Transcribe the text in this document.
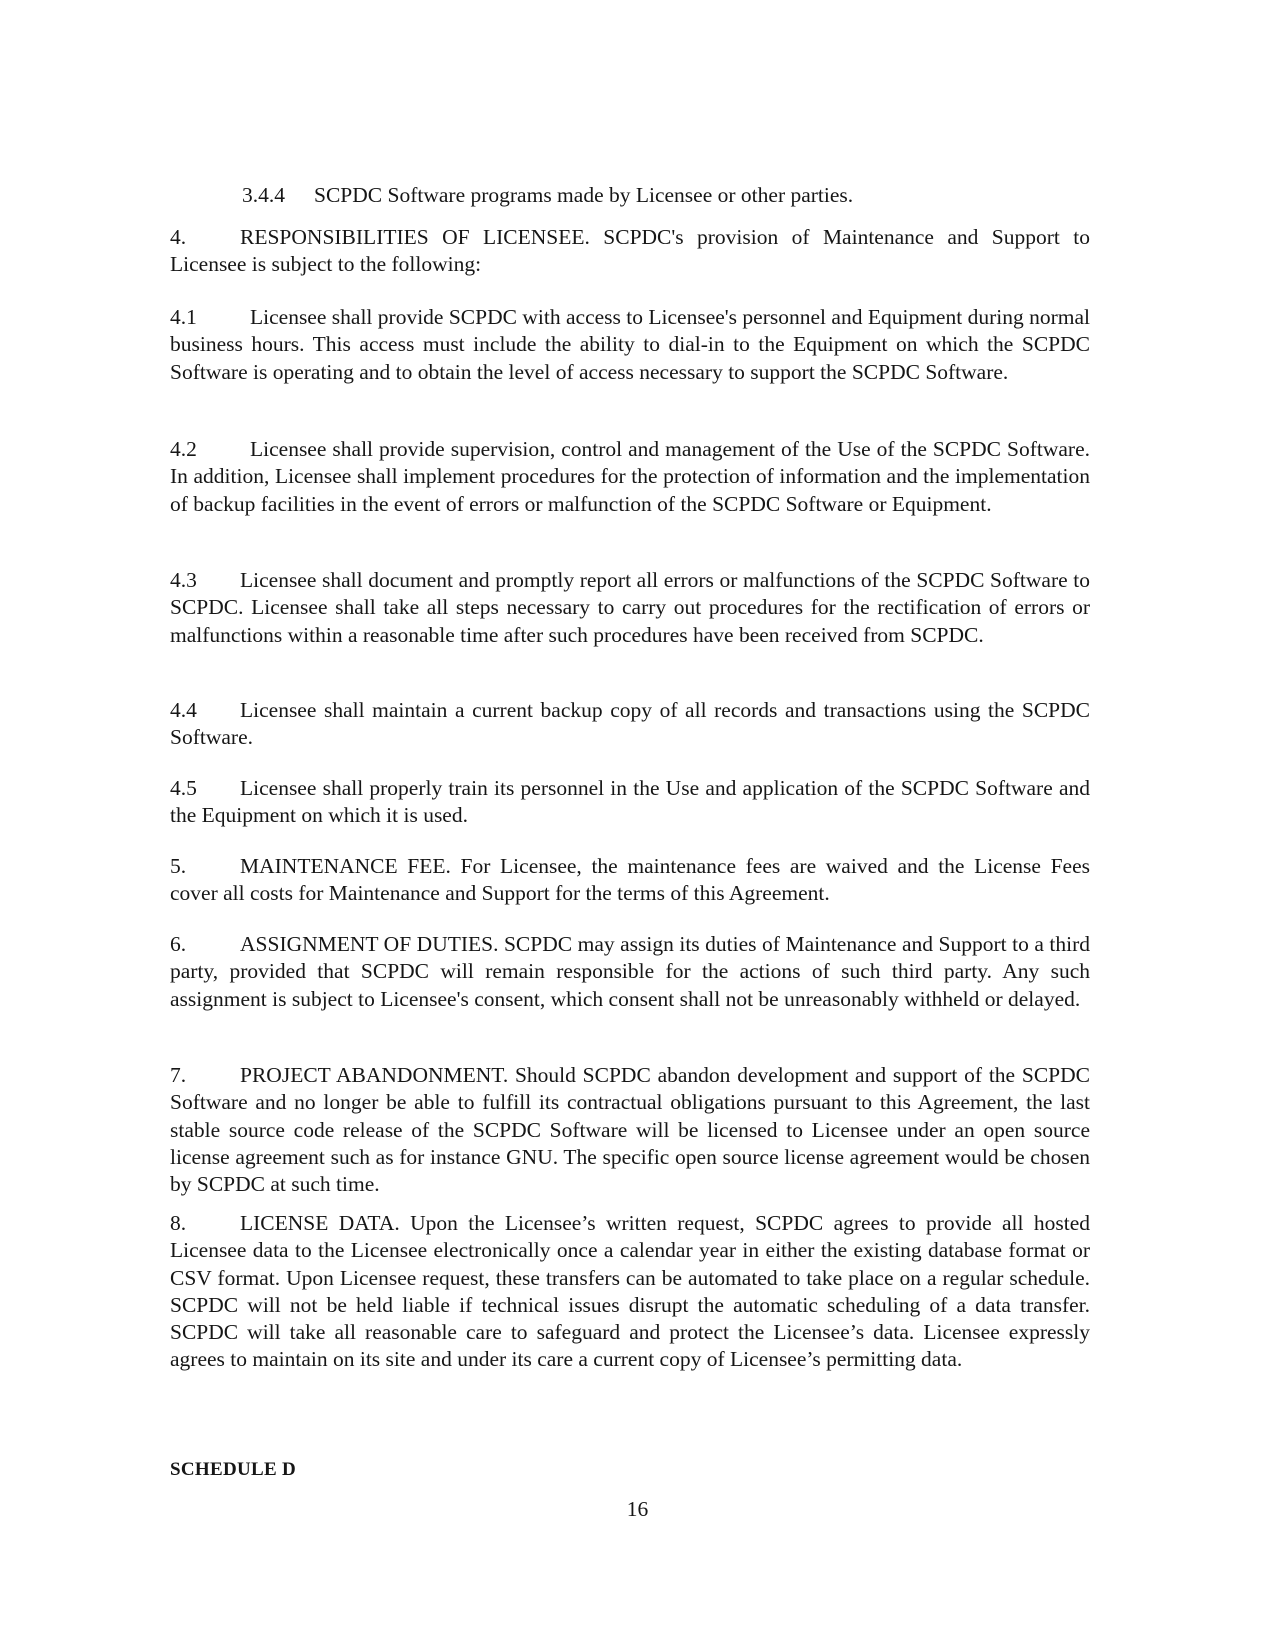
3.4.4 SCPDC Software programs made by Licensee or other parties.

4.	RESPONSIBILITIES OF LICENSEE. SCPDC's provision of Maintenance and Support to Licensee is subject to the following:

4.1 Licensee shall provide SCPDC with access to Licensee's personnel and Equipment during normal business hours. This access must include the ability to dial-in to the Equipment on which the SCPDC Software is operating and to obtain the level of access necessary to support the SCPDC Software.

4.2 Licensee shall provide supervision, control and management of the Use of the SCPDC Software. In addition, Licensee shall implement procedures for the protection of information and the implementation of backup facilities in the event of errors or malfunction of the SCPDC Software or Equipment.

4.3 Licensee shall document and promptly report all errors or malfunctions of the SCPDC Software to SCPDC. Licensee shall take all steps necessary to carry out procedures for the rectification of errors or malfunctions within a reasonable time after such procedures have been received from SCPDC.

4.4 Licensee shall maintain a current backup copy of all records and transactions using the SCPDC Software.

4.5 Licensee shall properly train its personnel in the Use and application of the SCPDC Software and the Equipment on which it is used.

5.	MAINTENANCE FEE. For Licensee, the maintenance fees are waived and the License Fees cover all costs for Maintenance and Support for the terms of this Agreement.

6.	ASSIGNMENT OF DUTIES. SCPDC may assign its duties of Maintenance and Support to a third party, provided that SCPDC will remain responsible for the actions of such third party. Any such assignment is subject to Licensee's consent, which consent shall not be unreasonably withheld or delayed.

7.	PROJECT ABANDONMENT. Should SCPDC abandon development and support of the SCPDC Software and no longer be able to fulfill its contractual obligations pursuant to this Agreement, the last stable source code release of the SCPDC Software will be licensed to Licensee under an open source license agreement such as for instance GNU. The specific open source license agreement would be chosen by SCPDC at such time.

8.	LICENSE DATA. Upon the Licensee’s written request, SCPDC agrees to provide all hosted Licensee data to the Licensee electronically once a calendar year in either the existing database format or CSV format. Upon Licensee request, these transfers can be automated to take place on a regular schedule. SCPDC will not be held liable if technical issues disrupt the automatic scheduling of a data transfer. SCPDC will take all reasonable care to safeguard and protect the Licensee’s data. Licensee expressly agrees to maintain on its site and under its care a current copy of Licensee’s permitting data.

SCHEDULE D

16
